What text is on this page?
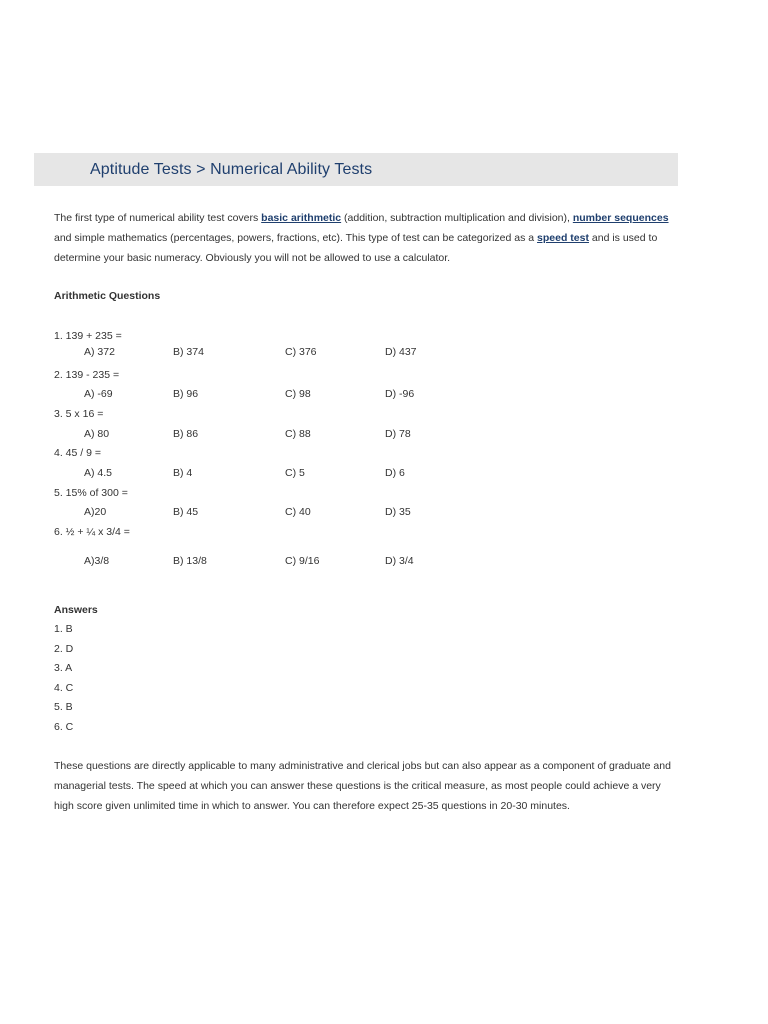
Aptitude Tests > Numerical Ability Tests

The first type of numerical ability test covers basic arithmetic (addition, subtraction multiplication and division), number sequences and simple mathematics (percentages, powers, fractions, etc). This type of test can be categorized as a speed test and is used to determine your basic numeracy. Obviously you will not be allowed to use a calculator.

Arithmetic Questions
1. 139 + 235 =
A) 372	B) 374	C) 376	D) 437
2. 139 - 235 =
A) -69	B) 96	C) 98	D) -96
3. 5 x 16 =
A) 80	B) 86	C) 88	D) 78
4. 45 / 9 =
A) 4.5	B) 4	C) 5	D) 6
5. 15% of 300 =
A)20	B) 45	C) 40	D) 35
6. ½ + ¼ x 3/4 =
A)3/8	B) 13/8	C) 9/16	D) 3/4
Answers
1. B
2. D
3. A
4. C
5. B
6. C

These questions are directly applicable to many administrative and clerical jobs but can also appear as a component of graduate and managerial tests. The speed at which you can answer these questions is the critical measure, as most people could achieve a very high score given unlimited time in which to answer. You can therefore expect 25-35 questions in 20-30 minutes.
